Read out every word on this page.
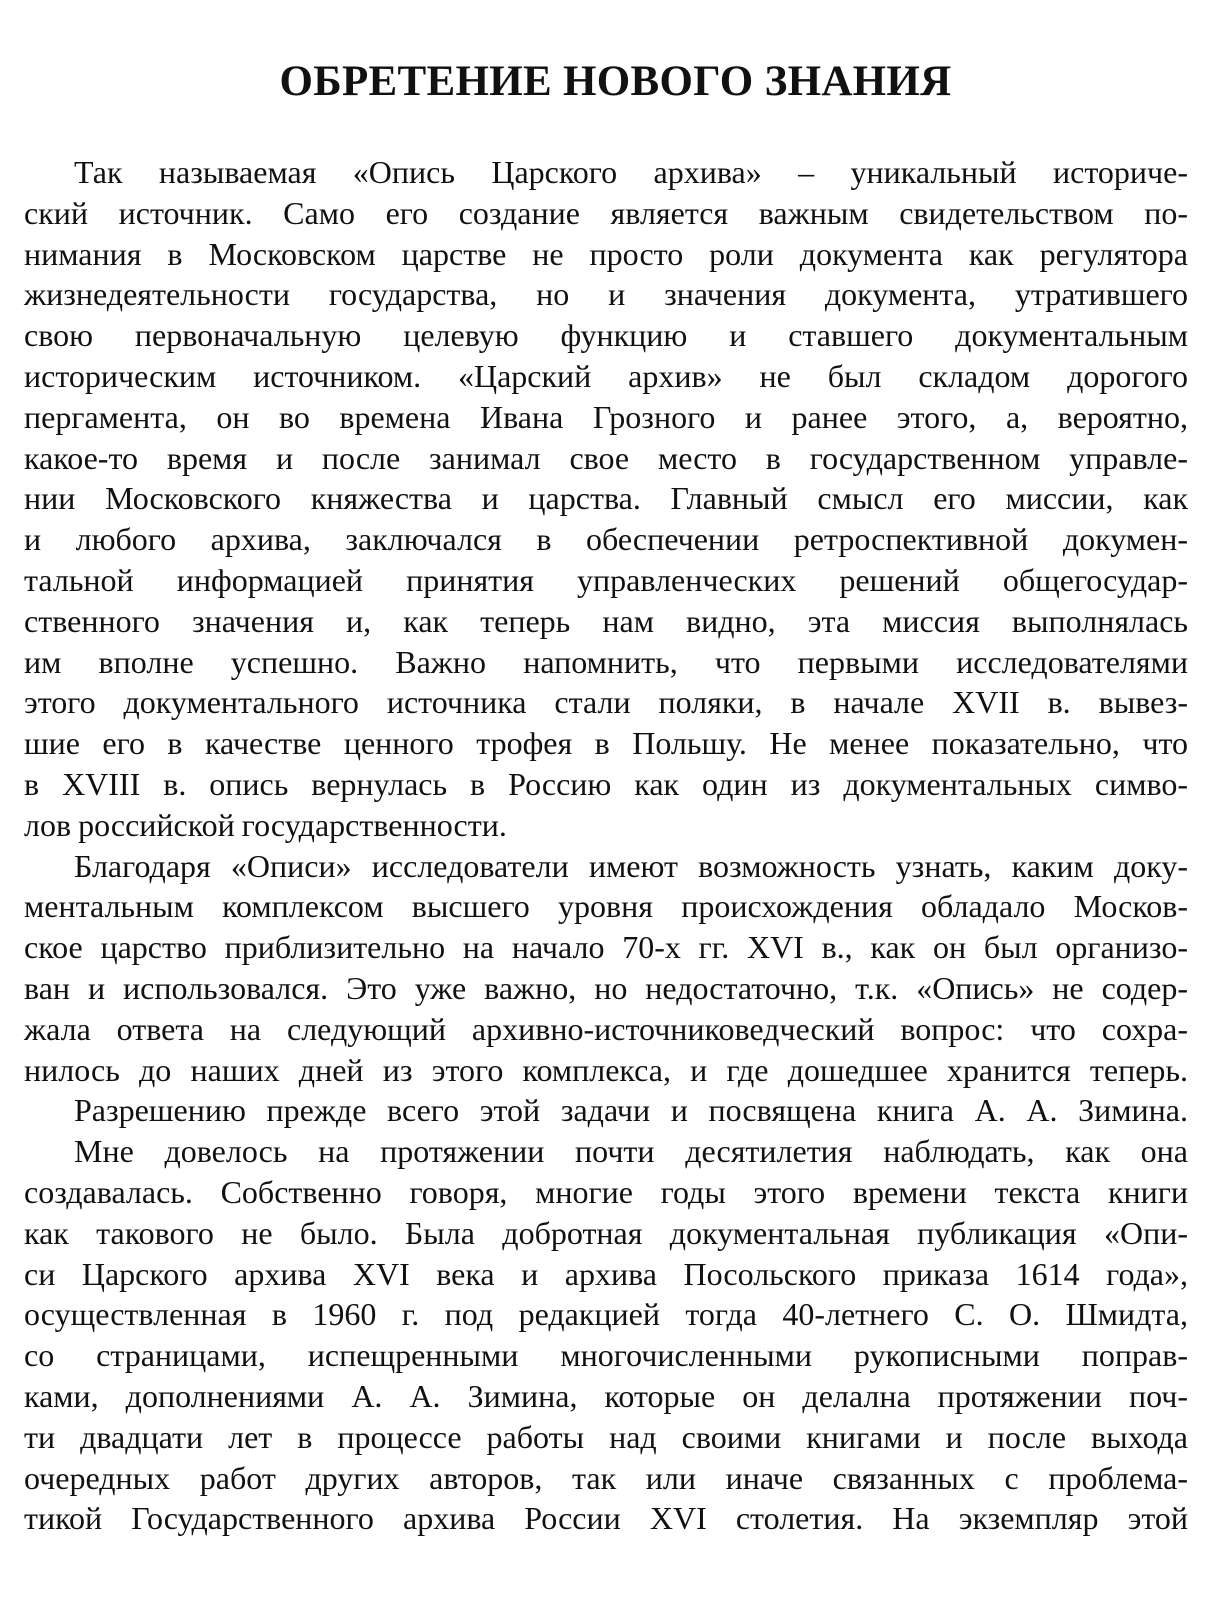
ОБРЕТЕНИЕ НОВОГО ЗНАНИЯ
Так называемая «Опись Царского архива» – уникальный историче-
ский источник. Само его создание является важным свидетельством по-
нимания в Московском царстве не просто роли документа как регулятора
жизнедеятельности государства, но и значения документа, утратившего
свою первоначальную целевую функцию и ставшего документальным
историческим источником. «Царский архив» не был складом дорогого
пергамента, он во времена Ивана Грозного и ранее этого, а, вероятно,
какое-то время и после занимал свое место в государственном управле-
нии Московского княжества и царства. Главный смысл его миссии, как
и любого архива, заключался в обеспечении ретроспективной докумен-
тальной информацией принятия управленческих решений общегосудар-
ственного значения и, как теперь нам видно, эта миссия выполнялась
им вполне успешно. Важно напомнить, что первыми исследователями
этого документального источника стали поляки, в начале XVII в. вывез-
шие его в качестве ценного трофея в Польшу. Не менее показательно, что
в XVIII в. опись вернулась в Россию как один из документальных симво-
лов российской государственности.
Благодаря «Описи» исследователи имеют возможность узнать, каким доку-
ментальным комплексом высшего уровня происхождения обладало Москов-
ское царство приблизительно на начало 70-х гг. XVI в., как он был организо-
ван и использовался. Это уже важно, но недостаточно, т.к. «Опись» не содер-
жала ответа на следующий архивно-источниковедческий вопрос: что сохра-
нилось до наших дней из этого комплекса, и где дошедшее хранится теперь.
Разрешению прежде всего этой задачи и посвящена книга А. А. Зимина.
Мне довелось на протяжении почти десятилетия наблюдать, как она
создавалась. Собственно говоря, многие годы этого времени текста книги
как такового не было. Была добротная документальная публикация «Опи-
си Царского архива XVI века и архива Посольского приказа 1614 года»,
осуществленная в 1960 г. под редакцией тогда 40-летнего С. О. Шмидта,
со страницами, испещренными многочисленными рукописными поправ-
ками, дополнениями А. А. Зимина, которые он делална протяжении поч-
ти двадцати лет в процессе работы над своими книгами и после выхода
очередных работ других авторов, так или иначе связанных с проблема-
тикой Государственного архива России XVI столетия. На экземпляр этой
